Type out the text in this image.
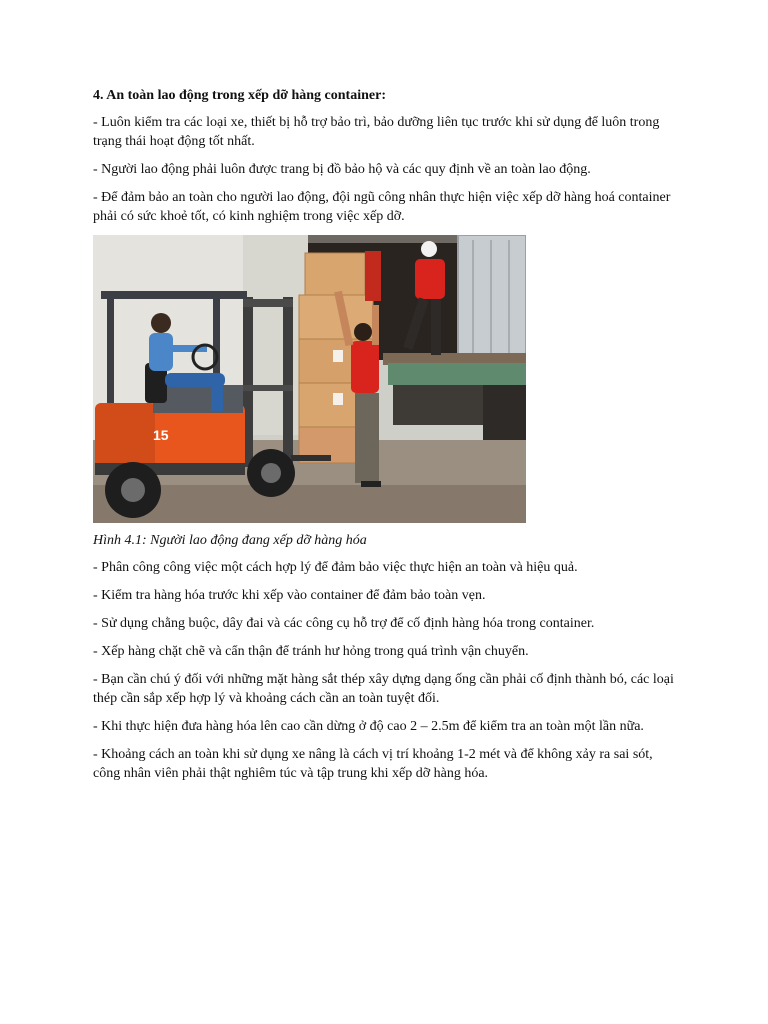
4. An toàn lao động trong xếp dỡ hàng container:

- Luôn kiểm tra các loại xe, thiết bị hỗ trợ bảo trì, bảo dưỡng liên tục trước khi sử dụng để luôn trong trạng thái hoạt động tốt nhất.

- Người lao động phải luôn được trang bị đồ bảo hộ và các quy định về an toàn lao động.

- Để đảm bảo an toàn cho người lao động, đội ngũ công nhân thực hiện việc xếp dỡ hàng hoá container phải có sức khoẻ tốt, có kinh nghiệm trong việc xếp dỡ.

15

Hình 4.1: Người lao động đang xếp dỡ hàng hóa

- Phân công công việc một cách hợp lý để đảm bảo việc thực hiện an toàn và hiệu quả.

- Kiểm tra hàng hóa trước khi xếp vào container để đảm bảo toàn vẹn.

- Sử dụng chằng buộc, dây đai và các công cụ hỗ trợ để cố định hàng hóa trong container.

- Xếp hàng chặt chẽ và cẩn thận để tránh hư hỏng trong quá trình vận chuyển.

- Bạn cần chú ý đối với những mặt hàng sắt thép xây dựng dạng ống cần phải cố định thành bó, các loại thép cần sắp xếp hợp lý và khoảng cách cần an toàn tuyệt đối.

- Khi thực hiện đưa hàng hóa lên cao cần dừng ở độ cao 2 – 2.5m để kiểm tra an toàn một lần nữa.

- Khoảng cách an toàn khi sử dụng xe nâng là cách vị trí khoảng 1-2 mét và để không xảy ra sai sót, công nhân viên phải thật nghiêm túc và tập trung khi xếp dỡ hàng hóa.
